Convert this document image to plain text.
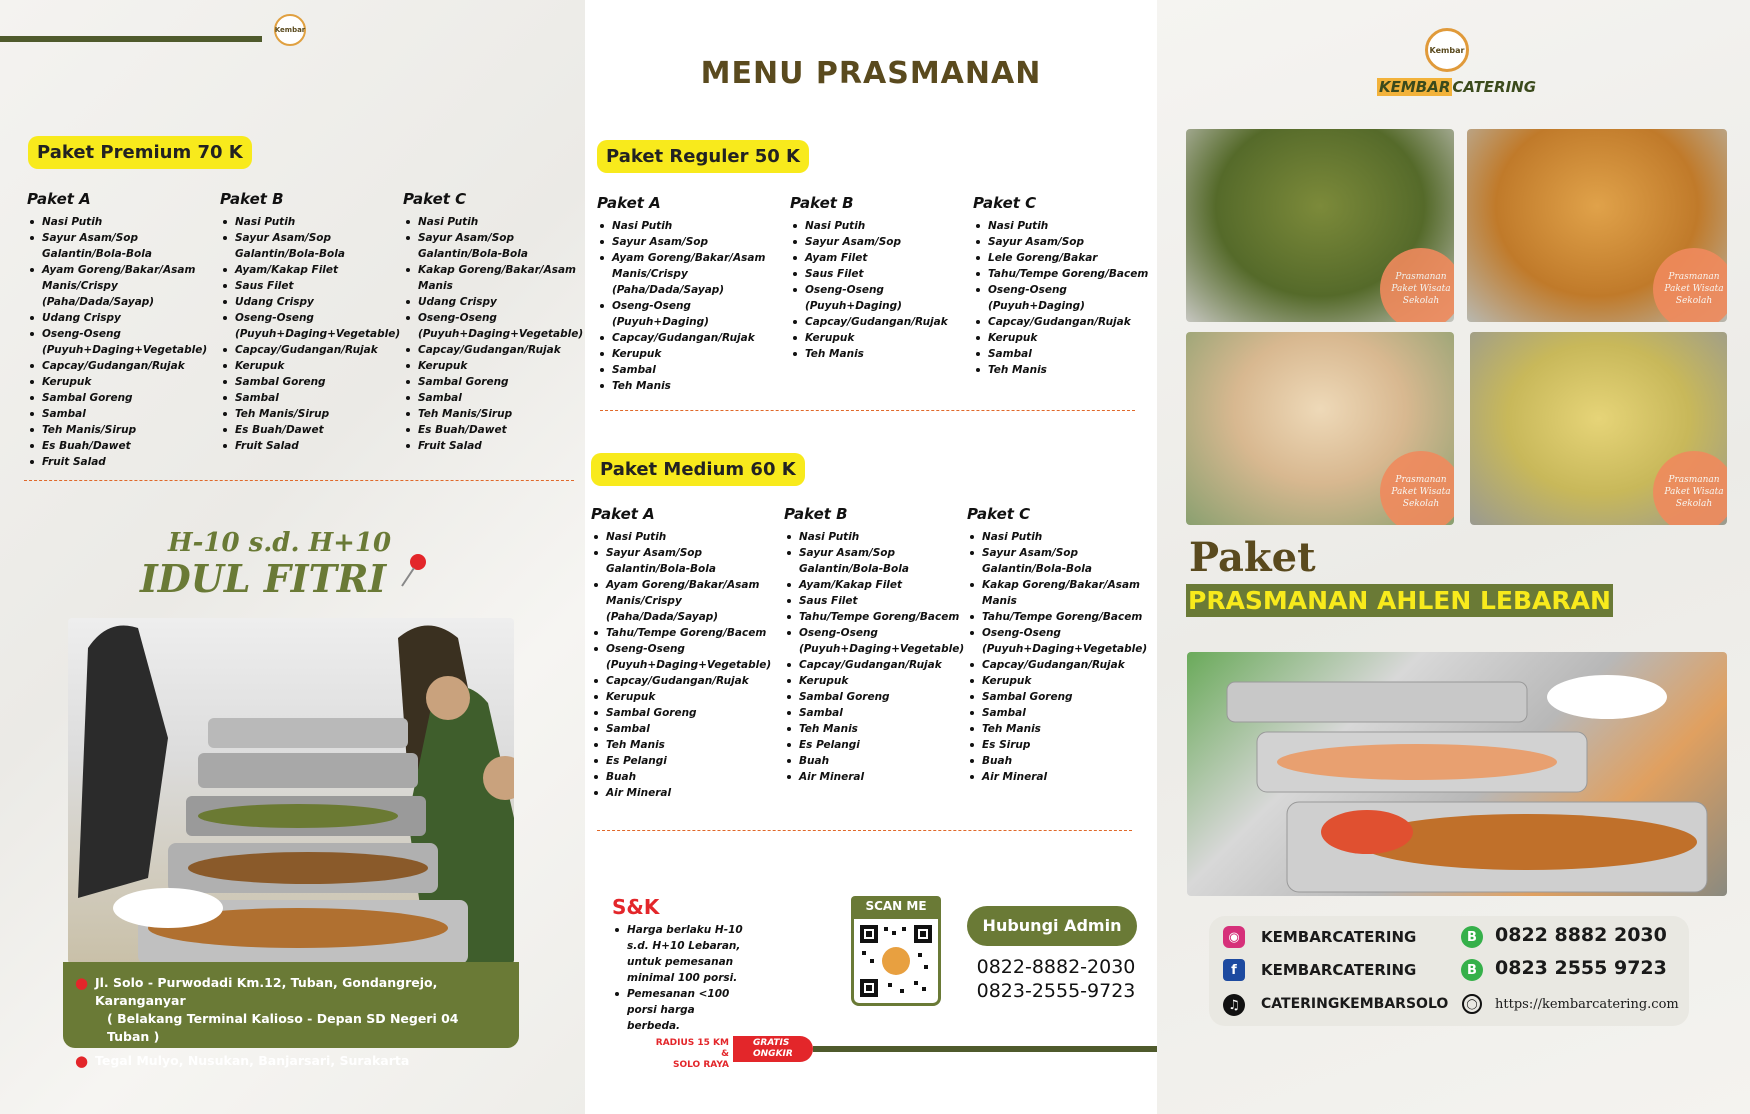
Kembar
Paket Premium 70 K
Paket A
Nasi Putih
Sayur Asam/Sop Galantin/Bola-Bola
Ayam Goreng/Bakar/Asam Manis/Crispy (Paha/Dada/Sayap)
Udang Crispy
Oseng-Oseng (Puyuh+Daging+Vegetable)
Capcay/Gudangan/Rujak
Kerupuk
Sambal Goreng
Sambal
Teh Manis/Sirup
Es Buah/Dawet
Fruit Salad
Paket B
Nasi Putih
Sayur Asam/Sop Galantin/Bola-Bola
Ayam/Kakap Filet
Saus Filet
Udang Crispy
Oseng-Oseng (Puyuh+Daging+Vegetable)
Capcay/Gudangan/Rujak
Kerupuk
Sambal Goreng
Sambal
Teh Manis/Sirup
Es Buah/Dawet
Fruit Salad
Paket C
Nasi Putih
Sayur Asam/Sop Galantin/Bola-Bola
Kakap Goreng/Bakar/Asam Manis
Udang Crispy
Oseng-Oseng (Puyuh+Daging+Vegetable)
Capcay/Gudangan/Rujak
Kerupuk
Sambal Goreng
Sambal
Teh Manis/Sirup
Es Buah/Dawet
Fruit Salad
H-10 s.d. H+10
IDUL FITRI
● Jl. Solo - Purwodadi Km.12, Tuban, Gondangrejo, Karanganyar
( Belakang Terminal Kalioso - Depan SD Negeri 04 Tuban )
● Tegal Mulyo, Nusukan, Banjarsari, Surakarta
MENU PRASMANAN
Paket Reguler 50 K
Paket A
Nasi Putih
Sayur Asam/Sop
Ayam Goreng/Bakar/Asam Manis/Crispy (Paha/Dada/Sayap)
Oseng-Oseng (Puyuh+Daging)
Capcay/Gudangan/Rujak
Kerupuk
Sambal
Teh Manis
Paket B
Nasi Putih
Sayur Asam/Sop
Ayam Filet
Saus Filet
Oseng-Oseng (Puyuh+Daging)
Capcay/Gudangan/Rujak
Kerupuk
Teh Manis
Paket C
Nasi Putih
Sayur Asam/Sop
Lele Goreng/Bakar
Tahu/Tempe Goreng/Bacem
Oseng-Oseng (Puyuh+Daging)
Capcay/Gudangan/Rujak
Kerupuk
Sambal
Teh Manis
Paket Medium 60 K
Paket A
Nasi Putih
Sayur Asam/Sop Galantin/Bola-Bola
Ayam Goreng/Bakar/Asam Manis/Crispy (Paha/Dada/Sayap)
Tahu/Tempe Goreng/Bacem
Oseng-Oseng (Puyuh+Daging+Vegetable)
Capcay/Gudangan/Rujak
Kerupuk
Sambal Goreng
Sambal
Teh Manis
Es Pelangi
Buah
Air Mineral
Paket B
Nasi Putih
Sayur Asam/Sop Galantin/Bola-Bola
Ayam/Kakap Filet
Saus Filet
Tahu/Tempe Goreng/Bacem
Oseng-Oseng (Puyuh+Daging+Vegetable)
Capcay/Gudangan/Rujak
Kerupuk
Sambal Goreng
Sambal
Teh Manis
Es Pelangi
Buah
Air Mineral
Paket C
Nasi Putih
Sayur Asam/Sop Galantin/Bola-Bola
Kakap Goreng/Bakar/Asam Manis
Tahu/Tempe Goreng/Bacem
Oseng-Oseng (Puyuh+Daging+Vegetable)
Capcay/Gudangan/Rujak
Kerupuk
Sambal Goreng
Sambal
Teh Manis
Es Sirup
Buah
Air Mineral
S&K
Harga berlaku H-10 s.d. H+10 Lebaran, untuk pemesanan minimal 100 porsi.
Pemesanan <100 porsi harga berbeda.
SCAN ME
Hubungi Admin
0822-8882-2030
0823-2555-9723
RADIUS 15 KM &
SOLO RAYA
GRATIS
ONGKIR
Kembar
KEMBAR CATERING
Prasmanan Paket Wisata Sekolah
Prasmanan Paket Wisata Sekolah
Prasmanan Paket Wisata Sekolah
Prasmanan Paket Wisata Sekolah
Paket
PRASMANAN AHLEN LEBARAN
◉	KEMBARCATERING
f	KEMBARCATERING
♫	CATERINGKEMBARSOLO
B 0822 8882 2030
B 0823 2555 9723
◯	https://kembarcatering.com
